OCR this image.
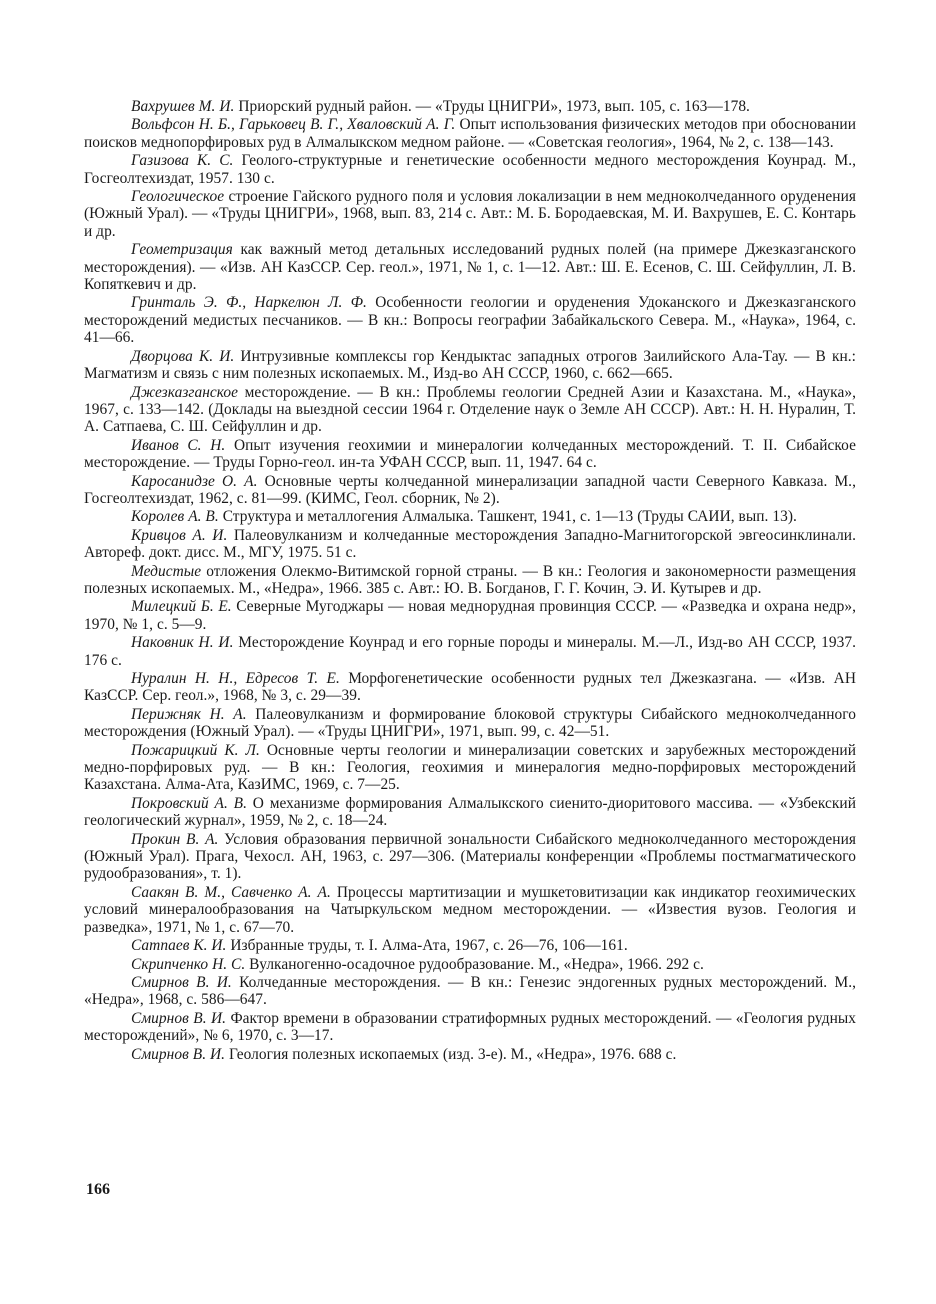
Вахрушев М. И. Приорский рудный район. — «Труды ЦНИГРИ», 1973, вып. 105, с. 163—178.

Вольфсон Н. Б., Гарьковец В. Г., Хваловский А. Г. Опыт использования физических методов при обосновании поисков меднопорфировых руд в Алмалыкском медном районе. — «Советская геология», 1964, № 2, с. 138—143.

Газизова К. С. Геолого-структурные и генетические особенности медного месторождения Коунрад. М., Госгеолтехиздат, 1957. 130 с.

Геологическое строение Гайского рудного поля и условия локализации в нем медноколчеданного оруденения (Южный Урал). — «Труды ЦНИГРИ», 1968, вып. 83, 214 с. Авт.: М. Б. Бородаевская, М. И. Вахрушев, Е. С. Контарь и др.

Геометризация как важный метод детальных исследований рудных полей (на примере Джезказганского месторождения). — «Изв. АН КазССР. Сер. геол.», 1971, № 1, с. 1—12. Авт.: Ш. Е. Есенов, С. Ш. Сейфуллин, Л. В. Копяткевич и др.

Гринталь Э. Ф., Наркелюн Л. Ф. Особенности геологии и оруденения Удоканского и Джезказганского месторождений медистых песчаников. — В кн.: Вопросы географии Забайкальского Севера. М., «Наука», 1964, с. 41—66.

Дворцова К. И. Интрузивные комплексы гор Кендыктас западных отрогов Заилийского Ала-Тау. — В кн.: Магматизм и связь с ним полезных ископаемых. М., Изд-во АН СССР, 1960, с. 662—665.

Джезказганское месторождение. — В кн.: Проблемы геологии Средней Азии и Казахстана. М., «Наука», 1967, с. 133—142. (Доклады на выездной сессии 1964 г. Отделение наук о Земле АН СССР). Авт.: Н. Н. Нуралин, Т. А. Сатпаева, С. Ш. Сейфуллин и др.

Иванов С. Н. Опыт изучения геохимии и минералогии колчеданных месторождений. Т. II. Сибайское месторождение. — Труды Горно-геол. ин-та УФАН СССР, вып. 11, 1947. 64 с.

Каросанидзе О. А. Основные черты колчеданной минерализации западной части Северного Кавказа. М., Госгеолтехиздат, 1962, с. 81—99. (КИМС, Геол. сборник, № 2).

Королев А. В. Структура и металлогения Алмалыка. Ташкент, 1941, с. 1—13 (Труды САИИ, вып. 13).

Кривцов А. И. Палеовулканизм и колчеданные месторождения Западно-Магнитогорской эвгеосинклинали. Автореф. докт. дисс. М., МГУ, 1975. 51 с.

Медистые отложения Олекмо-Витимской горной страны. — В кн.: Геология и закономерности размещения полезных ископаемых. М., «Недра», 1966. 385 с. Авт.: Ю. В. Богданов, Г. Г. Кочин, Э. И. Кутырев и др.

Милецкий Б. Е. Северные Мугоджары — новая меднорудная провинция СССР. — «Разведка и охрана недр», 1970, № 1, с. 5—9.

Наковник Н. И. Месторождение Коунрад и его горные породы и минералы. М.—Л., Изд-во АН СССР, 1937. 176 с.

Нуралин Н. Н., Едресов Т. Е. Морфогенетические особенности рудных тел Джезказгана. — «Изв. АН КазССР. Сер. геол.», 1968, № 3, с. 29—39.

Перижняк Н. А. Палеовулканизм и формирование блоковой структуры Сибайского медноколчеданного месторождения (Южный Урал). — «Труды ЦНИГРИ», 1971, вып. 99, с. 42—51.

Пожарицкий К. Л. Основные черты геологии и минерализации советских и зарубежных месторождений медно-порфировых руд. — В кн.: Геология, геохимия и минералогия медно-порфировых месторождений Казахстана. Алма-Ата, КазИМС, 1969, с. 7—25.

Покровский А. В. О механизме формирования Алмалыкского сиенито-диоритового массива. — «Узбекский геологический журнал», 1959, № 2, с. 18—24.

Прокин В. А. Условия образования первичной зональности Сибайского медноколчеданного месторождения (Южный Урал). Прага, Чехосл. АН, 1963, с. 297—306. (Материалы конференции «Проблемы постмагматического рудообразования», т. 1).

Саакян В. М., Савченко А. А. Процессы мартитизации и мушкетовитизации как индикатор геохимических условий минералообразования на Чатыркульском медном месторождении. — «Известия вузов. Геология и разведка», 1971, № 1, с. 67—70.

Сатпаев К. И. Избранные труды, т. I. Алма-Ата, 1967, с. 26—76, 106—161.

Скрипченко Н. С. Вулканогенно-осадочное рудообразование. М., «Недра», 1966. 292 с.

Смирнов В. И. Колчеданные месторождения. — В кн.: Генезис эндогенных рудных месторождений. М., «Недра», 1968, с. 586—647.

Смирнов В. И. Фактор времени в образовании стратиформных рудных месторождений. — «Геология рудных месторождений», № 6, 1970, с. 3—17.

Смирнов В. И. Геология полезных ископаемых (изд. 3-е). М., «Недра», 1976. 688 с.

166
